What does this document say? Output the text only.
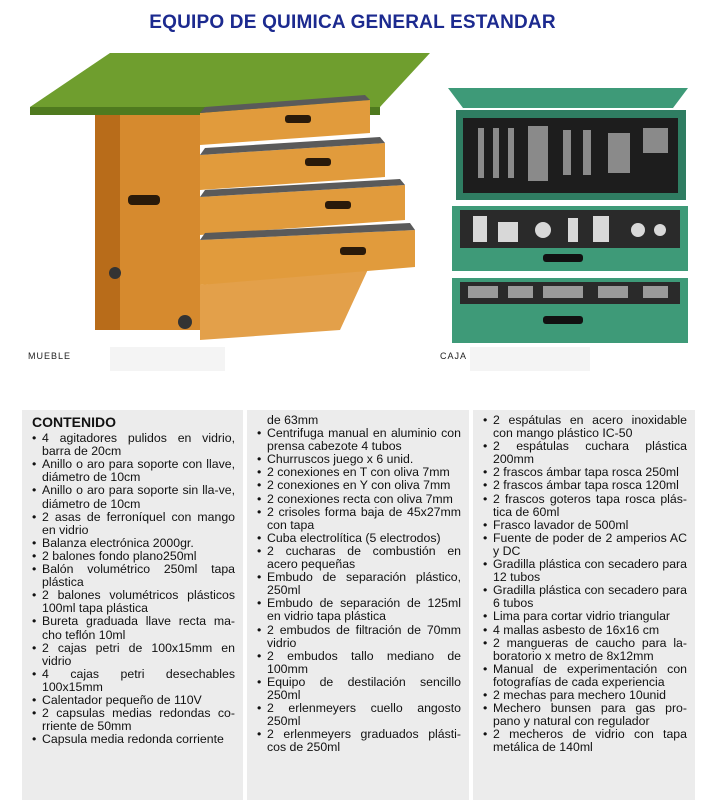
EQUIPO DE QUIMICA GENERAL ESTANDAR
MUEBLE	CAJA
CONTENIDO
• 4 agitadores pulidos en vidrio, barra de 20cm
• Anillo o aro para soporte con llave, diámetro de 10cm
• Anillo o aro para soporte sin lla-ve, diámetro de 10cm
• 2 asas de ferroníquel con mango en vidrio
• Balanza electrónica 2000gr.
• 2 balones fondo plano250ml
• Balón volumétrico 250ml tapa plástica
• 2 balones volumétricos plásticos 100ml tapa plástica
• Bureta graduada llave recta ma-cho teflón 10ml
• 2 cajas petri de 100x15mm en vidrio
• 4 cajas petri desechables 100x15mm
• Calentador pequeño de 110V
• 2 capsulas medias redondas co-rriente de 50mm
• Capsula media redonda corriente
de 63mm
• Centrifuga manual en aluminio con prensa cabezote 4 tubos
• Churruscos juego x 6 unid.
• 2 conexiones en T con oliva 7mm
• 2 conexiones en Y con oliva 7mm
• 2 conexiones recta con oliva 7mm
• 2 crisoles forma baja de 45x27mm con tapa
• Cuba electrolítica (5 electrodos)
• 2 cucharas de combustión en acero pequeñas
• Embudo de separación plástico, 250ml
• Embudo de separación de 125ml en vidrio tapa plástica
• 2 embudos de filtración de 70mm vidrio
• 2 embudos tallo mediano de 100mm
• Equipo de destilación sencillo 250ml
• 2 erlenmeyers cuello angosto 250ml
• 2 erlenmeyers graduados plásti-cos de 250ml
• 2 espátulas en acero inoxidable con mango plástico IC-50
• 2 espátulas cuchara plástica 200mm
• 2 frascos ámbar tapa rosca 250ml
• 2 frascos ámbar tapa rosca 120ml
• 2 frascos goteros tapa rosca plás-tica de 60ml
• Frasco lavador de 500ml
• Fuente de poder de 2 amperios AC y DC
• Gradilla plástica con secadero para 12 tubos
• Gradilla plástica con secadero para 6 tubos
• Lima para cortar vidrio triangular
• 4 mallas asbesto de 16x16 cm
• 2 mangueras de caucho para la-boratorio x metro de 8x12mm
• Manual de experimentación con fotografías de cada experiencia
• 2 mechas para mechero 10unid
• Mechero bunsen para gas pro-pano y natural con regulador
• 2 mecheros de vidrio con tapa metálica de 140ml
